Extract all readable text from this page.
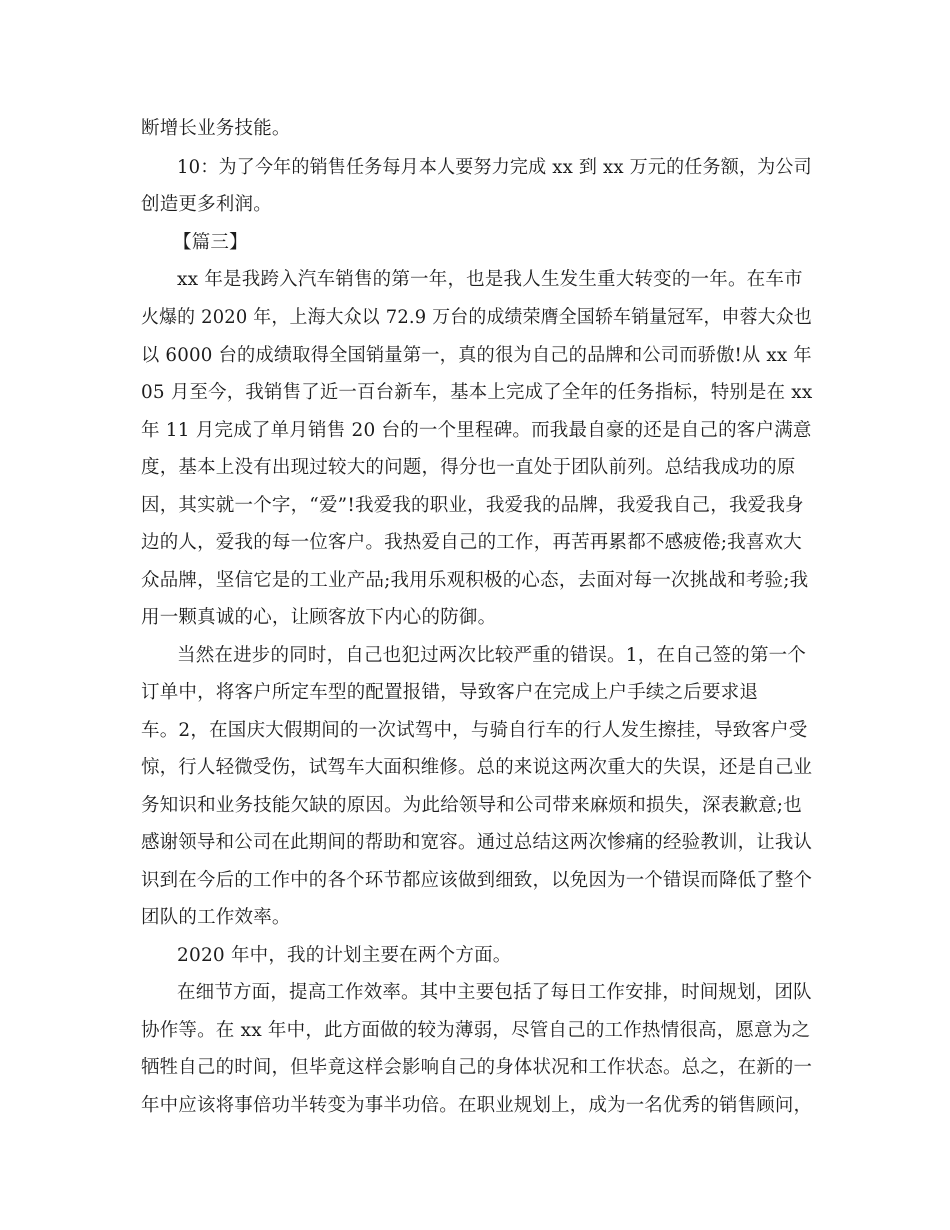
断增长业务技能。
10：为了今年的销售任务每月本人要努力完成 xx 到 xx 万元的任务额，为公司
创造更多利润。
【篇三】
xx 年是我跨入汽车销售的第一年，也是我人生发生重大转变的一年。在车市
火爆的 2020 年，上海大众以 72.9 万台的成绩荣膺全国轿车销量冠军，申蓉大众也
以 6000 台的成绩取得全国销量第一，真的很为自己的品牌和公司而骄傲!从 xx 年
05 月至今，我销售了近一百台新车，基本上完成了全年的任务指标，特别是在 xx
年 11 月完成了单月销售 20 台的一个里程碑。而我最自豪的还是自己的客户满意
度，基本上没有出现过较大的问题，得分也一直处于团队前列。总结我成功的原
因，其实就一个字，“爱”!我爱我的职业，我爱我的品牌，我爱我自己，我爱我身
边的人，爱我的每一位客户。我热爱自己的工作，再苦再累都不感疲倦;我喜欢大
众品牌，坚信它是的工业产品;我用乐观积极的心态，去面对每一次挑战和考验;我
用一颗真诚的心，让顾客放下内心的防御。
当然在进步的同时，自己也犯过两次比较严重的错误。1，在自己签的第一个
订单中，将客户所定车型的配置报错，导致客户在完成上户手续之后要求退
车。2，在国庆大假期间的一次试驾中，与骑自行车的行人发生擦挂，导致客户受
惊，行人轻微受伤，试驾车大面积维修。总的来说这两次重大的失误，还是自己业
务知识和业务技能欠缺的原因。为此给领导和公司带来麻烦和损失，深表歉意;也
感谢领导和公司在此期间的帮助和宽容。通过总结这两次惨痛的经验教训，让我认
识到在今后的工作中的各个环节都应该做到细致，以免因为一个错误而降低了整个
团队的工作效率。
2020 年中，我的计划主要在两个方面。
在细节方面，提高工作效率。其中主要包括了每日工作安排，时间规划，团队
协作等。在 xx 年中，此方面做的较为薄弱，尽管自己的工作热情很高，愿意为之
牺牲自己的时间，但毕竟这样会影响自己的身体状况和工作状态。总之，在新的一
年中应该将事倍功半转变为事半功倍。在职业规划上，成为一名优秀的销售顾问，
